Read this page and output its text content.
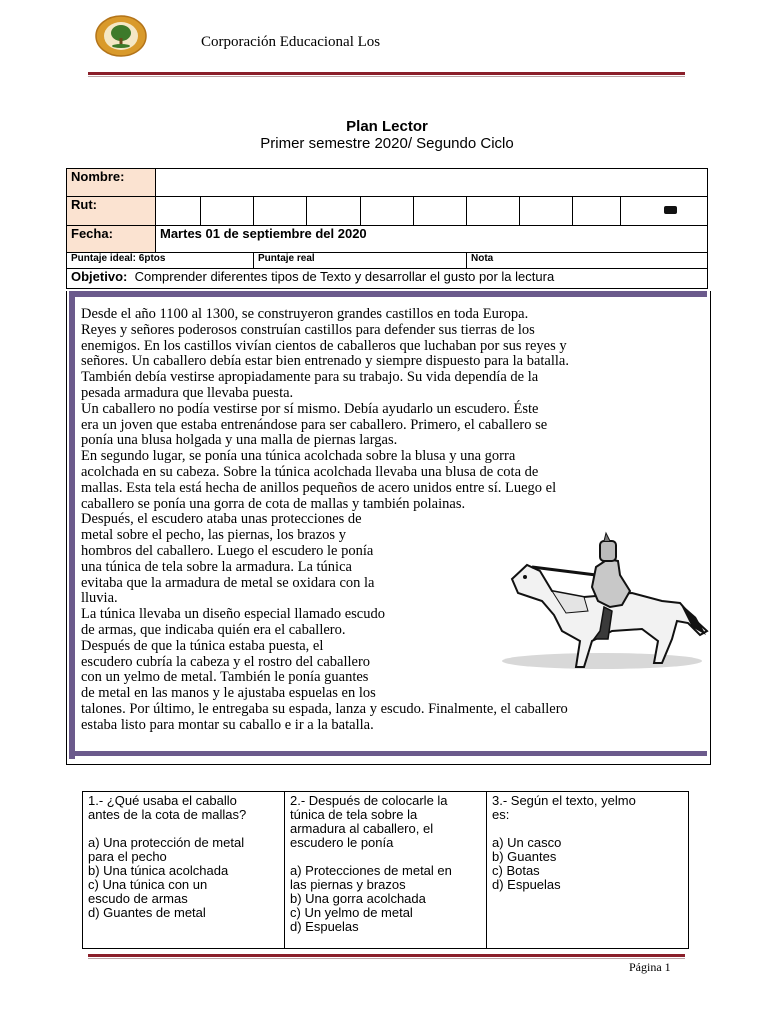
Corporación Educacional Los
Plan Lector
Primer semestre 2020/ Segundo Ciclo
Nombre:										
Rut:										
Fecha:	Martes 01 de septiembre del 2020									
Puntaje ideal: 6ptos			Puntaje real				Nota			
Objetivo: Comprender diferentes tipos de Texto y desarrollar el gusto por la lectura										

Desde el año 1100 al 1300, se construyeron grandes castillos en toda Europa.

Reyes y señores poderosos construían castillos para defender sus tierras de los

enemigos. En los castillos vivían cientos de caballeros que luchaban por sus reyes y

señores. Un caballero debía estar bien entrenado y siempre dispuesto para la batalla.

También debía vestirse apropiadamente para su trabajo. Su vida dependía de la

pesada armadura que llevaba puesta.

Un caballero no podía vestirse por sí mismo. Debía ayudarlo un escudero. Éste

era un joven que estaba entrenándose para ser caballero. Primero, el caballero se

ponía una blusa holgada y una malla de piernas largas.

En segundo lugar, se ponía una túnica acolchada sobre la blusa y una gorra

acolchada en su cabeza. Sobre la túnica acolchada llevaba una blusa de cota de

mallas. Esta tela está hecha de anillos pequeños de acero unidos entre sí. Luego el

caballero se ponía una gorra de cota de mallas y también polainas.

Después, el escudero ataba unas protecciones de

metal sobre el pecho, las piernas, los brazos y

hombros del caballero. Luego el escudero le ponía

una túnica de tela sobre la armadura. La túnica

evitaba que la armadura de metal se oxidara con la

lluvia.

La túnica llevaba un diseño especial llamado escudo

de armas, que indicaba quién era el caballero.

Después de que la túnica estaba puesta, el

escudero cubría la cabeza y el rostro del caballero

con un yelmo de metal. También le ponía guantes

de metal en las manos y le ajustaba espuelas en los

talones. Por último, le entregaba su espada, lanza y escudo. Finalmente, el caballero

estaba listo para montar su caballo e ir a la batalla.

1.- ¿Qué usaba el caballo

antes de la cota de mallas?

a) Una protección de metal

para el pecho

b) Una túnica acolchada

c) Una túnica con un

escudo de armas

d) Guantes de metal

2.- Después de colocarle la

túnica de tela sobre la

armadura al caballero, el

escudero le ponía

a) Protecciones de metal en

las piernas y brazos

b) Una gorra acolchada

c) Un yelmo de metal

d) Espuelas

3.- Según el texto, yelmo

es:

a) Un casco

b) Guantes

c) Botas

d) Espuelas

Página 1
